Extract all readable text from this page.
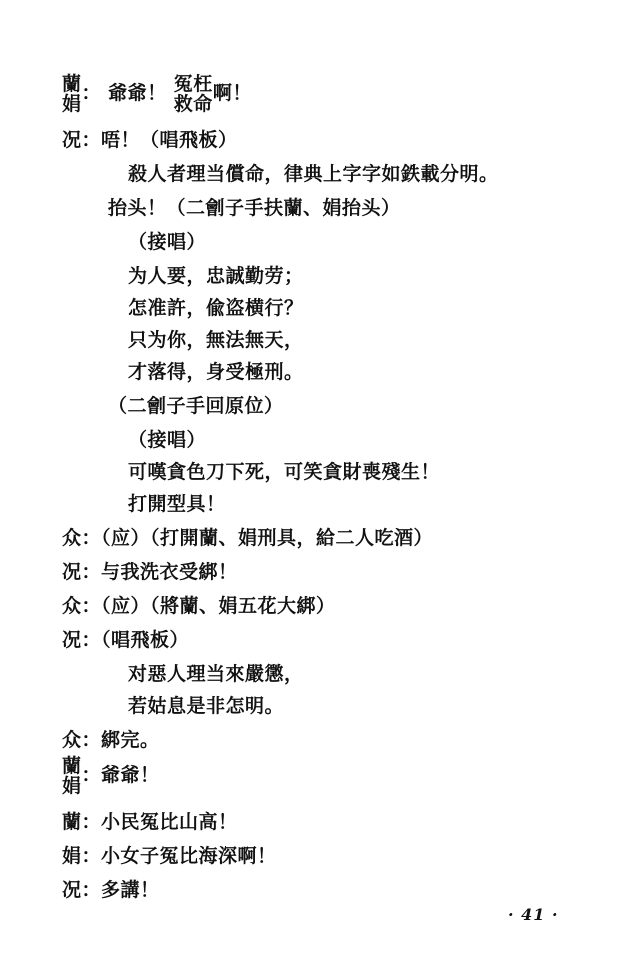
蘭
娟 ： 爺爺！ 冤枉
救命 啊！
况：唔！（唱飛板）
殺人者理当償命，律典上字字如鉄載分明。
抬头！（二劊子手扶蘭、娟抬头）
（接唱）
为人要，忠誠勤劳；
怎准許，偸盗横行？
只为你，無法無天，
才落得，身受極刑。
（二劊子手回原位）
（接唱）
可嘆貪色刀下死，可笑貪財喪殘生！
打開型具！
众：（应）（打開蘭、娟刑具，給二人吃酒）
况：与我洗衣受綁！
众：（应）（將蘭、娟五花大綁）
况：（唱飛板）
对惡人理当來嚴懲，
若姑息是非怎明。
众：綁完。
蘭
娟 ：爺爺！
蘭：小民冤比山高！
娟：小女子冤比海深啊！
况：多講！
· 41 ·
